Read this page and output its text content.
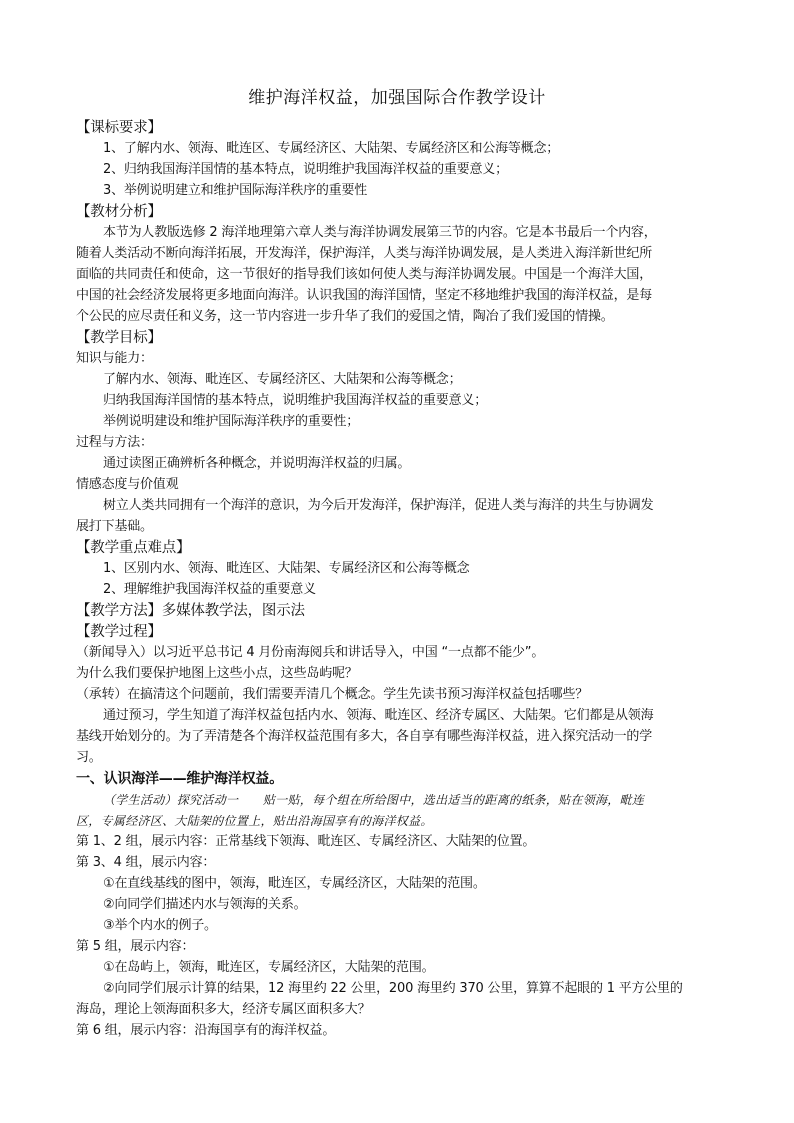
维护海洋权益，加强国际合作教学设计
【课标要求】
1、了解内水、领海、毗连区、专属经济区、大陆架、专属经济区和公海等概念；
2、归纳我国海洋国情的基本特点，说明维护我国海洋权益的重要意义；
3、举例说明建立和维护国际海洋秩序的重要性
【教材分析】
本节为人教版选修 2 海洋地理第六章人类与海洋协调发展第三节的内容。它是本书最后一个内容，
随着人类活动不断向海洋拓展，开发海洋，保护海洋，人类与海洋协调发展，是人类进入海洋新世纪所
面临的共同责任和使命，这一节很好的指导我们该如何使人类与海洋协调发展。中国是一个海洋大国，
中国的社会经济发展将更多地面向海洋。认识我国的海洋国情，坚定不移地维护我国的海洋权益，是每
个公民的应尽责任和义务，这一节内容进一步升华了我们的爱国之情，陶冶了我们爱国的情操。
【教学目标】
知识与能力：
了解内水、领海、毗连区、专属经济区、大陆架和公海等概念；
归纳我国海洋国情的基本特点，说明维护我国海洋权益的重要意义；
举例说明建设和维护国际海洋秩序的重要性；
过程与方法：
通过读图正确辨析各种概念，并说明海洋权益的归属。
情感态度与价值观
树立人类共同拥有一个海洋的意识，为今后开发海洋，保护海洋，促进人类与海洋的共生与协调发
展打下基础。
【教学重点难点】
1、区别内水、领海、毗连区、大陆架、专属经济区和公海等概念
2、理解维护我国海洋权益的重要意义
【教学方法】多媒体教学法，图示法
【教学过程】
（新闻导入）以习近平总书记 4 月份南海阅兵和讲话导入，中国 “一点都不能少”。
为什么我们要保护地图上这些小点，这些岛屿呢？
（承转）在搞清这个问题前，我们需要弄清几个概念。学生先读书预习海洋权益包括哪些？
通过预习，学生知道了海洋权益包括内水、领海、毗连区、经济专属区、大陆架。它们都是从领海
基线开始划分的。为了弄清楚各个海洋权益范围有多大，各自享有哪些海洋权益，进入探究活动一的学
习。
一、认识海洋——维护海洋权益。
（学生活动）探究活动一　　贴一贴，每个组在所给图中，选出适当的距离的纸条，贴在领海，毗连
区，专属经济区、大陆架的位置上，贴出沿海国享有的海洋权益。
第 1、2 组，展示内容：正常基线下领海、毗连区、专属经济区、大陆架的位置。
第 3、4 组，展示内容：
①在直线基线的图中，领海，毗连区，专属经济区，大陆架的范围。
②向同学们描述内水与领海的关系。
③举个内水的例子。
第 5 组，展示内容：
①在岛屿上，领海，毗连区，专属经济区，大陆架的范围。
②向同学们展示计算的结果，12 海里约 22 公里，200 海里约 370 公里，算算不起眼的 1 平方公里的
海岛，理论上领海面积多大，经济专属区面积多大？
第 6 组，展示内容：沿海国享有的海洋权益。
